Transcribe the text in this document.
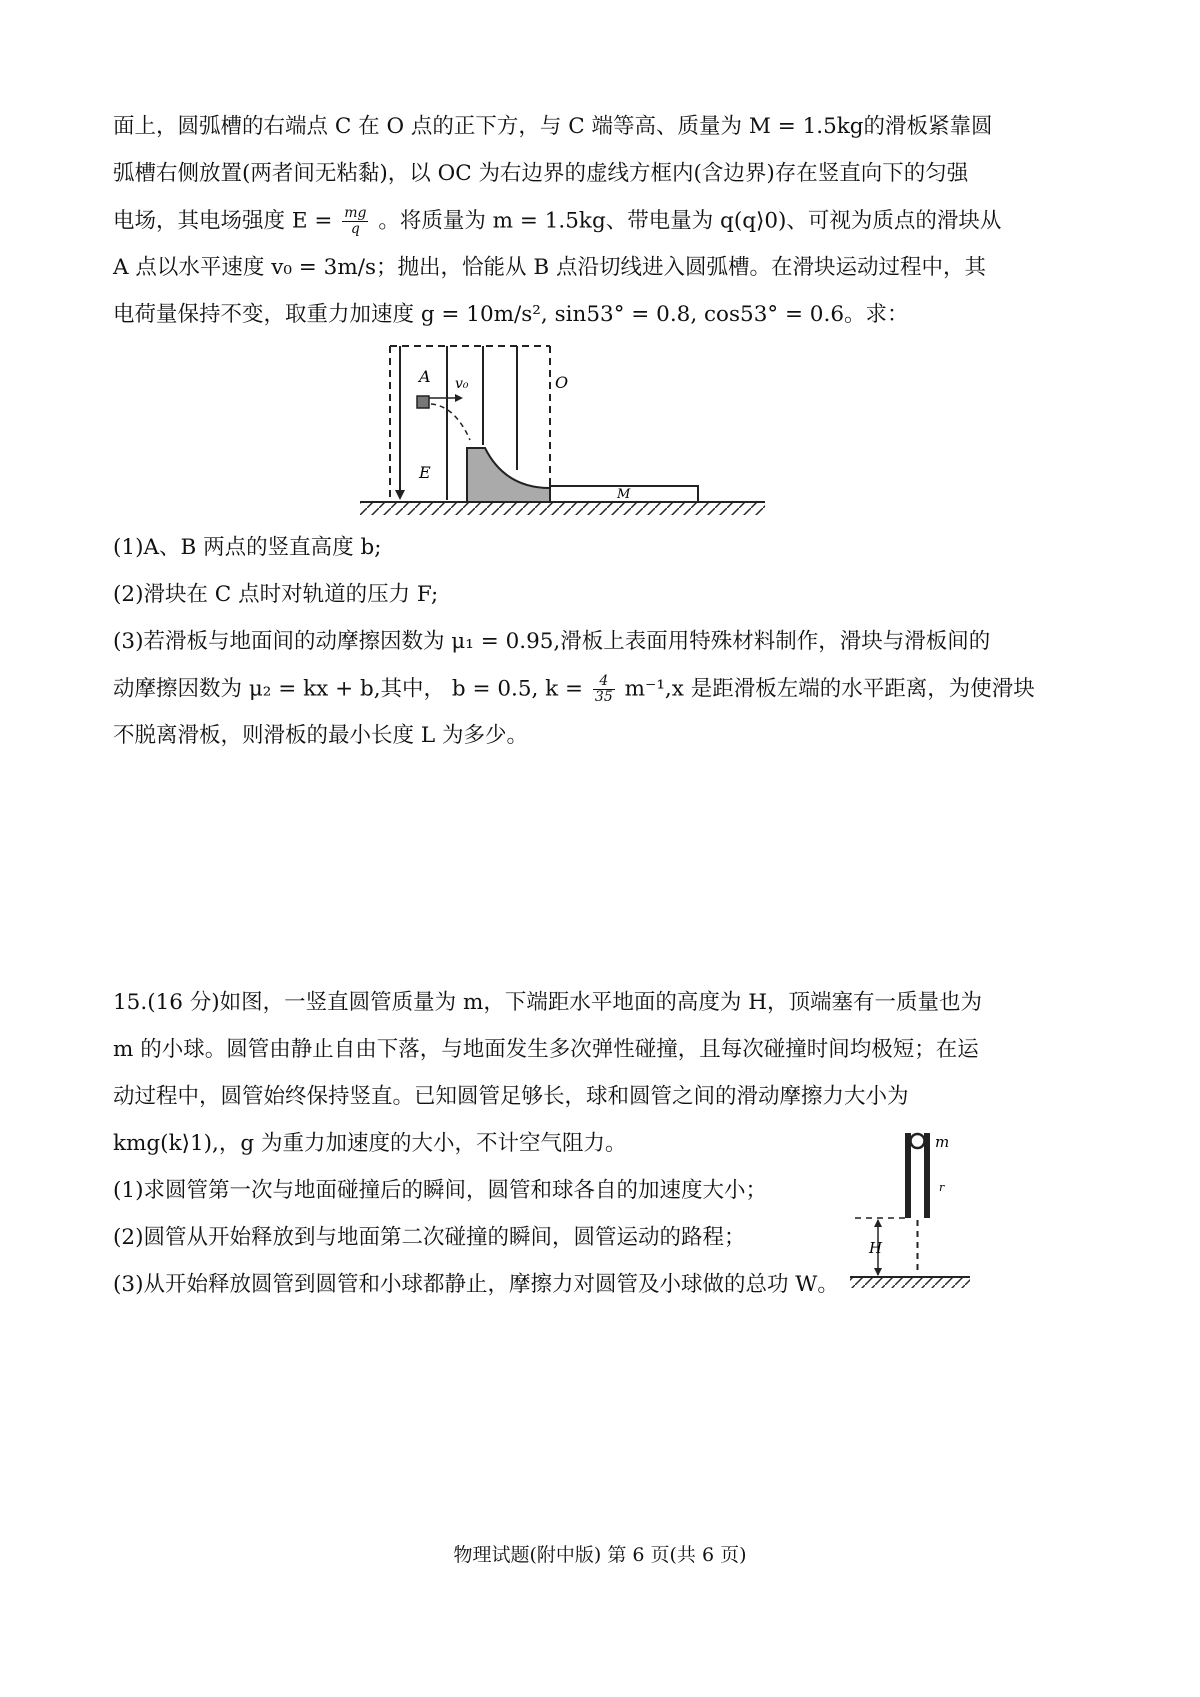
面上，圆弧槽的右端点 C 在 O 点的正下方，与 C 端等高、质量为 M = 1.5kg的滑板紧靠圆
弧槽右侧放置(两者间无粘黏)，以 OC 为右边界的虚线方框内(含边界)存在竖直向下的匀强
电场，其电场强度 $E = \frac{mg}{q}$ 。将质量为 m = 1.5kg、带电量为 q(q⟩0)、可视为质点的滑块从
A 点以水平速度 v₀ = 3m/s；抛出，恰能从 B 点沿切线进入圆弧槽。在滑块运动过程中，其
电荷量保持不变，取重力加速度 g = 10m/s², sin53° = 0.8, cos53° = 0.6。求：
A v₀	O
E
M
(1)A、B 两点的竖直高度 b;
(2)滑块在 C 点时对轨道的压力 F;
(3)若滑板与地面间的动摩擦因数为 μ₁ = 0.95,滑板上表面用特殊材料制作，滑块与滑板间的
动摩擦因数为 μ₂ = kx + b,其中， b = 0.5, $k = \frac{4}{35} m^{-1},x$ 是距滑板左端的水平距离，为使滑块
不脱离滑板，则滑板的最小长度 L 为多少。
15.(16 分)如图，一竖直圆管质量为 m，下端距水平地面的高度为 H，顶端塞有一质量也为
m 的小球。圆管由静止自由下落，与地面发生多次弹性碰撞，且每次碰撞时间均极短；在运
动过程中，圆管始终保持竖直。已知圆管足够长，球和圆管之间的滑动摩擦力大小为
kmg(k⟩1),，g 为重力加速度的大小，不计空气阻力。
(1)求圆管第一次与地面碰撞后的瞬间，圆管和球各自的加速度大小；
(2)圆管从开始释放到与地面第二次碰撞的瞬间，圆管运动的路程；
(3)从开始释放圆管到圆管和小球都静止，摩擦力对圆管及小球做的总功 W。
m
r
H
物理试题(附中版) 第 6 页(共 6 页)
